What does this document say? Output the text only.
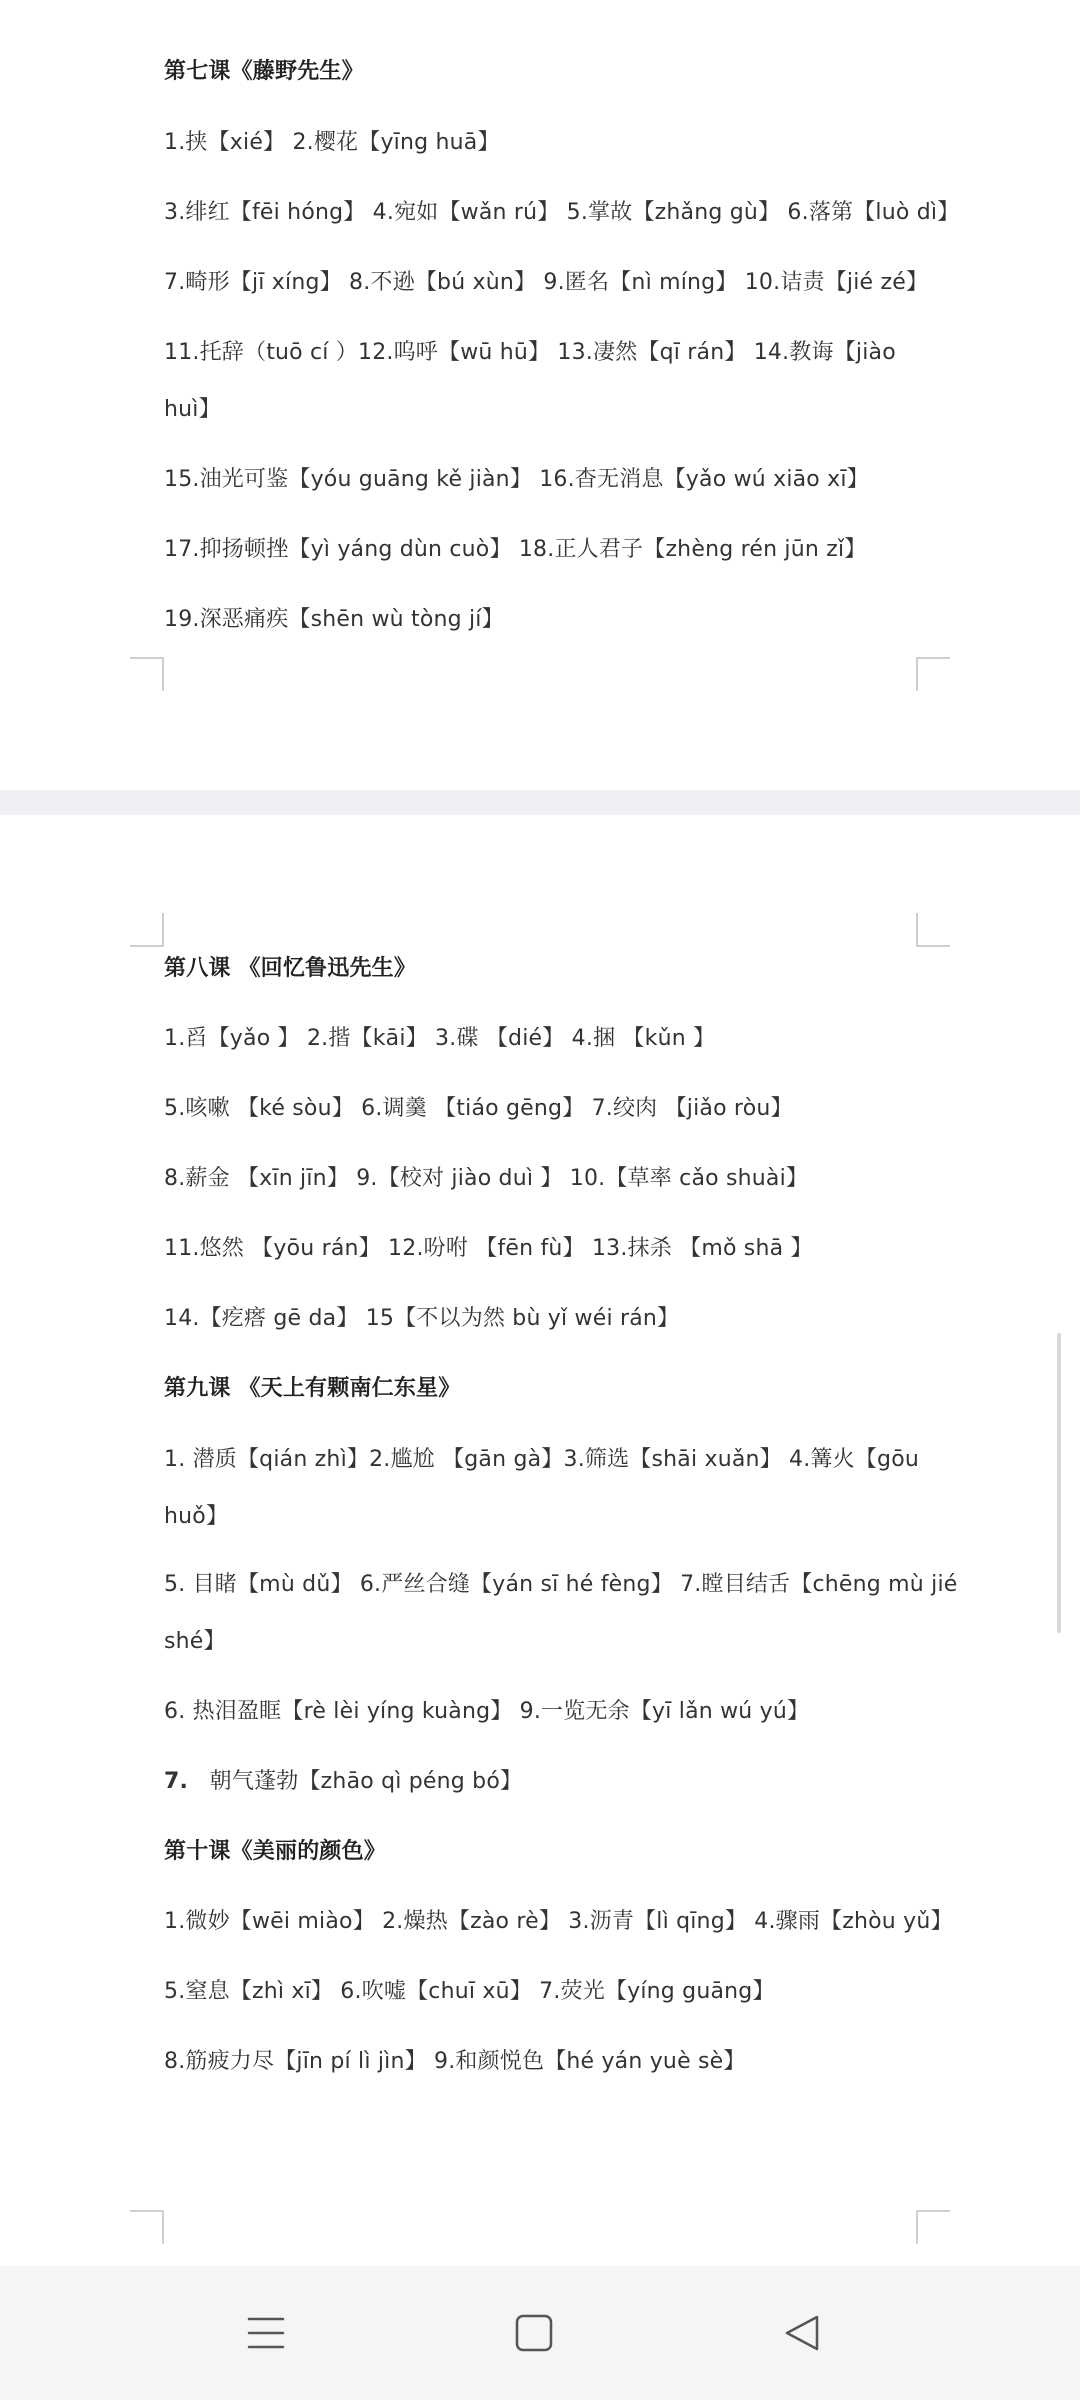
第七课《藤野先生》
1.挟【xié】 2.樱花【yīng huā】
3.绯红【fēi hóng】 4.宛如【wǎn rú】 5.掌故【zhǎng gù】 6.落第【luò dì】
7.畸形【jī xíng】 8.不逊【bú xùn】 9.匿名【nì míng】 10.诘责【jié zé】
11.托辞（tuō cí ）12.呜呼【wū hū】 13.凄然【qī rán】 14.教诲【jiào
huì】
15.油光可鉴【yóu guāng kě jiàn】 16.杳无消息【yǎo wú xiāo xī】
17.抑扬顿挫【yì yáng dùn cuò】 18.正人君子【zhèng rén jūn zǐ】
19.深恶痛疾【shēn wù tòng jí】
第八课 《回忆鲁迅先生》
1.舀【yǎo 】 2.揩【kāi】 3.碟 【dié】 4.捆 【kǔn 】
5.咳嗽 【ké sòu】 6.调羹 【tiáo gēng】 7.绞肉 【jiǎo ròu】
8.薪金 【xīn jīn】 9.【校对 jiào duì 】 10.【草率 cǎo shuài】
11.悠然 【yōu rán】 12.吩咐 【fēn fù】 13.抹杀 【mǒ shā 】
14.【疙瘩 gē da】 15【不以为然 bù yǐ wéi rán】
第九课 《天上有颗南仁东星》
1. 潜质【qián zhì】2.尴尬 【gān gà】3.筛选【shāi xuǎn】 4.篝火【gōu
huǒ】
5. 目睹【mù dǔ】 6.严丝合缝【yán sī hé fèng】 7.瞠目结舌【chēng mù jié
shé】
6. 热泪盈眶【rè lèi yíng kuàng】 9.一览无余【yī lǎn wú yú】
7. 朝气蓬勃【zhāo qì péng bó】
第十课《美丽的颜色》
1.微妙【wēi miào】 2.燥热【zào rè】 3.沥青【lì qīng】 4.骤雨【zhòu yǔ】
5.窒息【zhì xī】 6.吹嘘【chuī xū】 7.荧光【yíng guāng】
8.筋疲力尽【jīn pí lì jìn】 9.和颜悦色【hé yán yuè sè】
